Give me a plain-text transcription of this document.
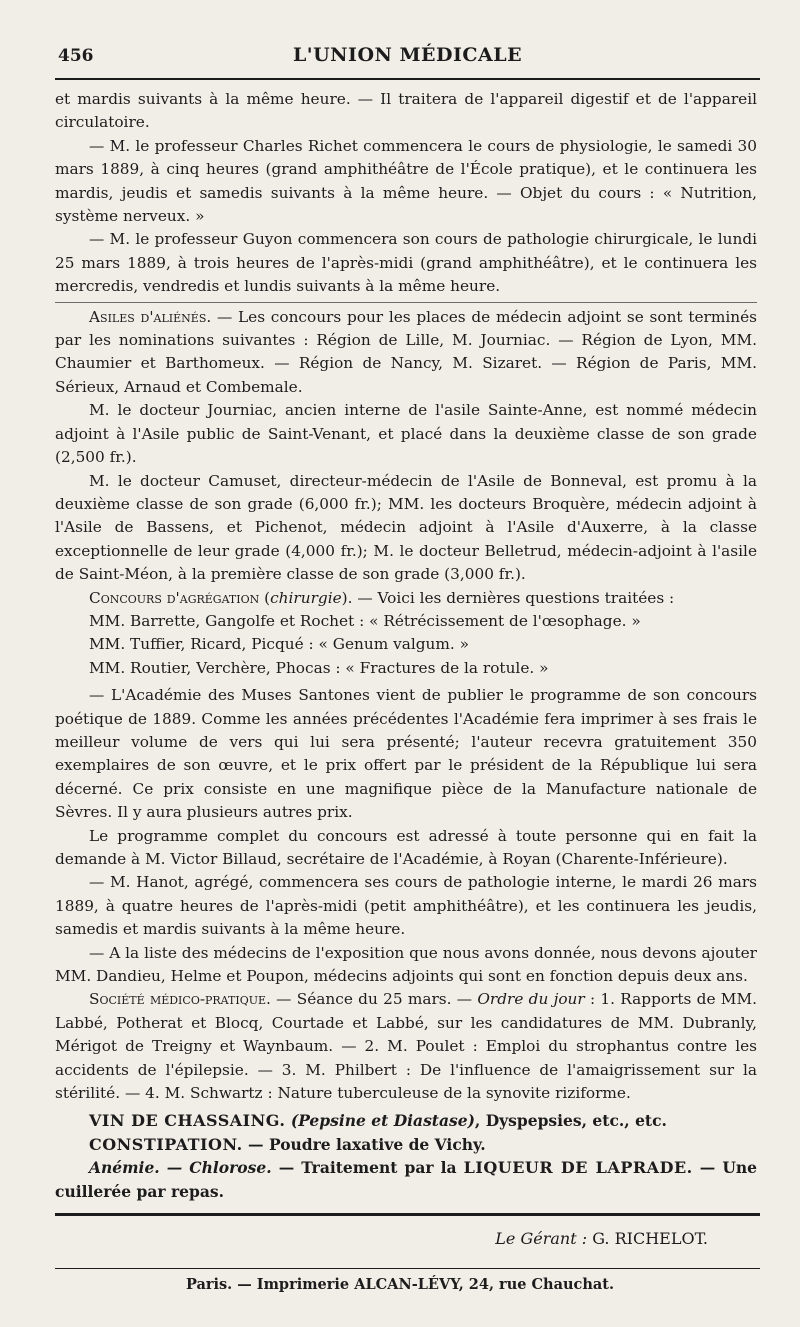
456	L'UNION MÉDICALE

et mardis suivants à la même heure. — Il traitera de l'appareil digestif et de l'appareil circulatoire.

— M. le professeur Charles Richet commencera le cours de physiologie, le samedi 30 mars 1889, à cinq heures (grand amphithéâtre de l'École pratique), et le continuera les mardis, jeudis et samedis suivants à la même heure. — Objet du cours : « Nutrition, système nerveux. »

— M. le professeur Guyon commencera son cours de pathologie chirurgicale, le lundi 25 mars 1889, à trois heures de l'après-midi (grand amphithéâtre), et le continuera les mercredis, vendredis et lundis suivants à la même heure.

Asiles d'aliénés. — Les concours pour les places de médecin adjoint se sont terminés par les nominations suivantes : Région de Lille, M. Journiac. — Région de Lyon, MM. Chaumier et Barthomeux. — Région de Nancy, M. Sizaret. — Région de Paris, MM. Sérieux, Arnaud et Combemale.

M. le docteur Journiac, ancien interne de l'asile Sainte-Anne, est nommé médecin adjoint à l'Asile public de Saint-Venant, et placé dans la deuxième classe de son grade (2,500 fr.).

M. le docteur Camuset, directeur-médecin de l'Asile de Bonneval, est promu à la deuxième classe de son grade (6,000 fr.); MM. les docteurs Broquère, médecin adjoint à l'Asile de Bassens, et Pichenot, médecin adjoint à l'Asile d'Auxerre, à la classe exceptionnelle de leur grade (4,000 fr.); M. le docteur Belletrud, médecin-adjoint à l'asile de Saint-Méon, à la première classe de son grade (3,000 fr.).

Concours d'agrégation (chirurgie). — Voici les dernières questions traitées :

MM. Barrette, Gangolfe et Rochet : « Rétrécissement de l'œsophage. »

MM. Tuffier, Ricard, Picqué : « Genum valgum. »

MM. Routier, Verchère, Phocas : « Fractures de la rotule. »

— L'Académie des Muses Santones vient de publier le programme de son concours poétique de 1889. Comme les années précédentes l'Académie fera imprimer à ses frais le meilleur volume de vers qui lui sera présenté; l'auteur recevra gratuitement 350 exemplaires de son œuvre, et le prix offert par le président de la République lui sera décerné. Ce prix consiste en une magnifique pièce de la Manufacture nationale de Sèvres. Il y aura plusieurs autres prix.

Le programme complet du concours est adressé à toute personne qui en fait la demande à M. Victor Billaud, secrétaire de l'Académie, à Royan (Charente-Inférieure).

— M. Hanot, agrégé, commencera ses cours de pathologie interne, le mardi 26 mars 1889, à quatre heures de l'après-midi (petit amphithéâtre), et les continuera les jeudis, samedis et mardis suivants à la même heure.

— A la liste des médecins de l'exposition que nous avons donnée, nous devons ajouter MM. Dandieu, Helme et Poupon, médecins adjoints qui sont en fonction depuis deux ans.

Société médico-pratique. — Séance du 25 mars. — Ordre du jour : 1. Rapports de MM. Labbé, Potherat et Blocq, Courtade et Labbé, sur les candidatures de MM. Dubranly, Mérigot de Treigny et Waynbaum. — 2. M. Poulet : Emploi du strophantus contre les accidents de l'épilepsie. — 3. M. Philbert : De l'influence de l'amaigrissement sur la stérilité. — 4. M. Schwartz : Nature tuberculeuse de la synovite riziforme.

VIN DE CHASSAING. (Pepsine et Diastase), Dyspepsies, etc., etc.

CONSTIPATION. — Poudre laxative de Vichy.

Anémie. — Chlorose. — Traitement par la LIQUEUR DE LAPRADE. — Une cuillerée par repas.

Le Gérant : G. RICHELOT.
Paris. — Imprimerie ALCAN-LÉVY, 24, rue Chauchat.
